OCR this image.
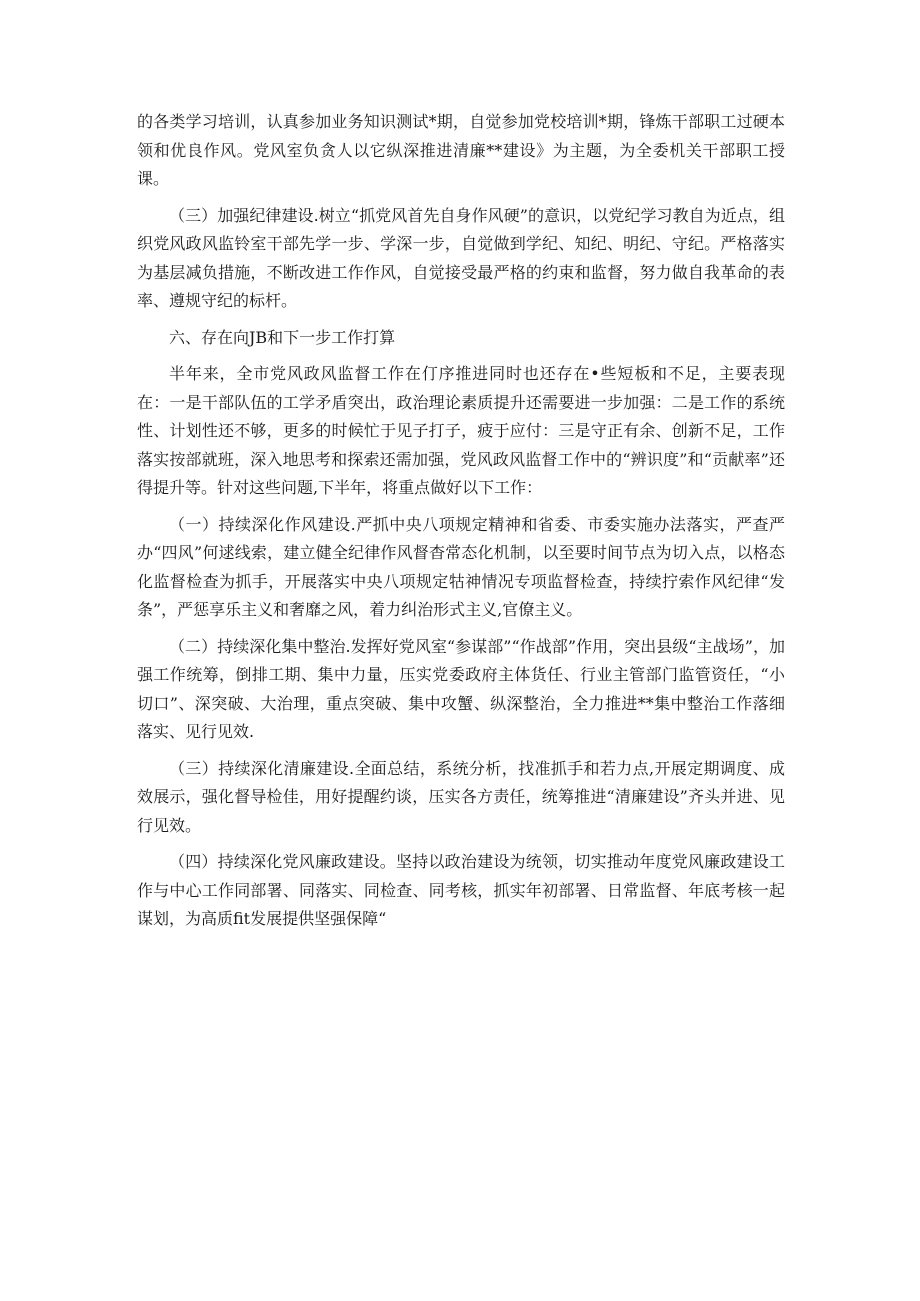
的各类学习培训，认真参加业务知识测试*期，自觉参加党校培训*期，锋炼干部职工过硬本领和优良作风。党风室负贪人以它纵深推进清廉**建设》为主题，为全委机关干部职工授课。

（三）加强纪律建设.树立“抓党风首先自身作风硬”的意识，以党纪学习教自为近点，组织党风政风监铃室干部先学一步、学深一步，自觉做到学纪、知纪、明纪、守纪。严格落实为基层减负措施，不断改进工作作风，自觉接受最严格的约束和监督，努力做自我革命的表率、遵规守纪的标杆。

六、存在向JB和下一步工作打算

半年来，全市党风政风监督工作在仃序推进同时也还存在•些短板和不足，主要表现在：一是干部队伍的工学矛盾突出，政治理论素质提升还需要进一步加强：二是工作的系统性、计划性还不够，更多的时候忙于见子打子，疲于应付：三是守正有余、创新不足，工作落实按部就班，深入地思考和探索还需加强，党风政风监督工作中的“辨识度”和“贡献率”还得提升等。针对这些问题,下半年，将重点做好以下工作：

（一）持续深化作风建设.严抓中央八项规定精神和省委、市委实施办法落实，严查严办“四风”何逑线索，建立健全纪律作风督杳常态化机制，以至要时间节点为切入点，以格态化监督检查为抓手，开展落实中央八项规定牯神情况专项监督检查，持续拧索作风纪律“发条”，严惩享乐主义和奢靡之风，着力纠治形式主义,官僚主义。

（二）持续深化集中整治.发挥好党风室“参谋部”“作战部”作用，突出县级“主战场”，加强工作统筹，倒排工期、集中力量，压实党委政府主体货任、行业主管部门监管资任，“小切口”、深突破、大治理，重点突破、集中攻蟹、纵深整治，全力推进**集中整治工作落细落实、见行见效.

（三）持续深化清廉建设.全面总结，系统分析，找准抓手和若力点,开展定期调度、成效展示，强化督导检佳，用好提醒约谈，压实各方责任，统筹推进“清廉建设”齐头并进、见行见效。

（四）持续深化党风廉政建设。坚持以政治建设为统领，切实推动年度党风廉政建设工作与中心工作同部署、同落实、同检查、同考核，抓实年初部署、日常监督、年底考核一起谋划，为高质fit发展提供坚强保障“
